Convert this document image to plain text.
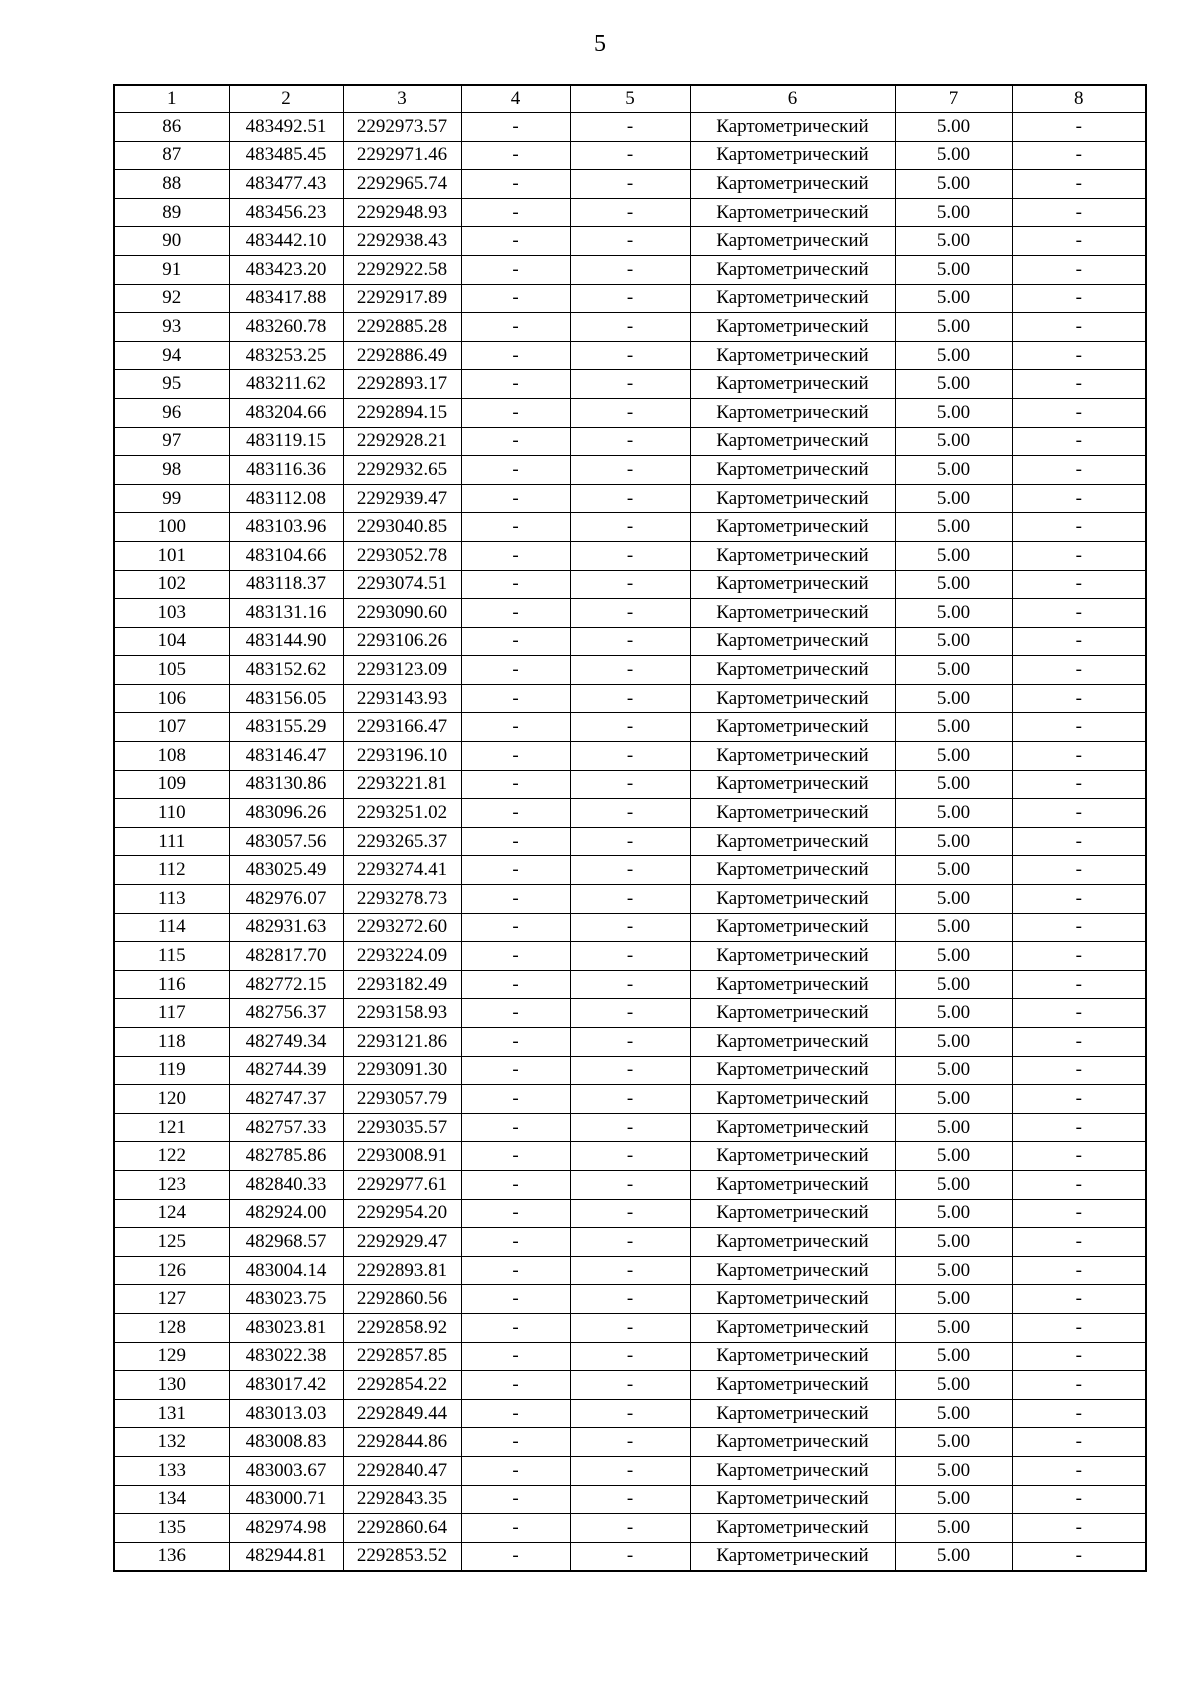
5
1	2	3	4	5	6	7	8
86	483492.51	2292973.57	-	-	Картометрический	5.00	-
87	483485.45	2292971.46	-	-	Картометрический	5.00	-
88	483477.43	2292965.74	-	-	Картометрический	5.00	-
89	483456.23	2292948.93	-	-	Картометрический	5.00	-
90	483442.10	2292938.43	-	-	Картометрический	5.00	-
91	483423.20	2292922.58	-	-	Картометрический	5.00	-
92	483417.88	2292917.89	-	-	Картометрический	5.00	-
93	483260.78	2292885.28	-	-	Картометрический	5.00	-
94	483253.25	2292886.49	-	-	Картометрический	5.00	-
95	483211.62	2292893.17	-	-	Картометрический	5.00	-
96	483204.66	2292894.15	-	-	Картометрический	5.00	-
97	483119.15	2292928.21	-	-	Картометрический	5.00	-
98	483116.36	2292932.65	-	-	Картометрический	5.00	-
99	483112.08	2292939.47	-	-	Картометрический	5.00	-
100	483103.96	2293040.85	-	-	Картометрический	5.00	-
101	483104.66	2293052.78	-	-	Картометрический	5.00	-
102	483118.37	2293074.51	-	-	Картометрический	5.00	-
103	483131.16	2293090.60	-	-	Картометрический	5.00	-
104	483144.90	2293106.26	-	-	Картометрический	5.00	-
105	483152.62	2293123.09	-	-	Картометрический	5.00	-
106	483156.05	2293143.93	-	-	Картометрический	5.00	-
107	483155.29	2293166.47	-	-	Картометрический	5.00	-
108	483146.47	2293196.10	-	-	Картометрический	5.00	-
109	483130.86	2293221.81	-	-	Картометрический	5.00	-
110	483096.26	2293251.02	-	-	Картометрический	5.00	-
111	483057.56	2293265.37	-	-	Картометрический	5.00	-
112	483025.49	2293274.41	-	-	Картометрический	5.00	-
113	482976.07	2293278.73	-	-	Картометрический	5.00	-
114	482931.63	2293272.60	-	-	Картометрический	5.00	-
115	482817.70	2293224.09	-	-	Картометрический	5.00	-
116	482772.15	2293182.49	-	-	Картометрический	5.00	-
117	482756.37	2293158.93	-	-	Картометрический	5.00	-
118	482749.34	2293121.86	-	-	Картометрический	5.00	-
119	482744.39	2293091.30	-	-	Картометрический	5.00	-
120	482747.37	2293057.79	-	-	Картометрический	5.00	-
121	482757.33	2293035.57	-	-	Картометрический	5.00	-
122	482785.86	2293008.91	-	-	Картометрический	5.00	-
123	482840.33	2292977.61	-	-	Картометрический	5.00	-
124	482924.00	2292954.20	-	-	Картометрический	5.00	-
125	482968.57	2292929.47	-	-	Картометрический	5.00	-
126	483004.14	2292893.81	-	-	Картометрический	5.00	-
127	483023.75	2292860.56	-	-	Картометрический	5.00	-
128	483023.81	2292858.92	-	-	Картометрический	5.00	-
129	483022.38	2292857.85	-	-	Картометрический	5.00	-
130	483017.42	2292854.22	-	-	Картометрический	5.00	-
131	483013.03	2292849.44	-	-	Картометрический	5.00	-
132	483008.83	2292844.86	-	-	Картометрический	5.00	-
133	483003.67	2292840.47	-	-	Картометрический	5.00	-
134	483000.71	2292843.35	-	-	Картометрический	5.00	-
135	482974.98	2292860.64	-	-	Картометрический	5.00	-
136	482944.81	2292853.52	-	-	Картометрический	5.00	-
